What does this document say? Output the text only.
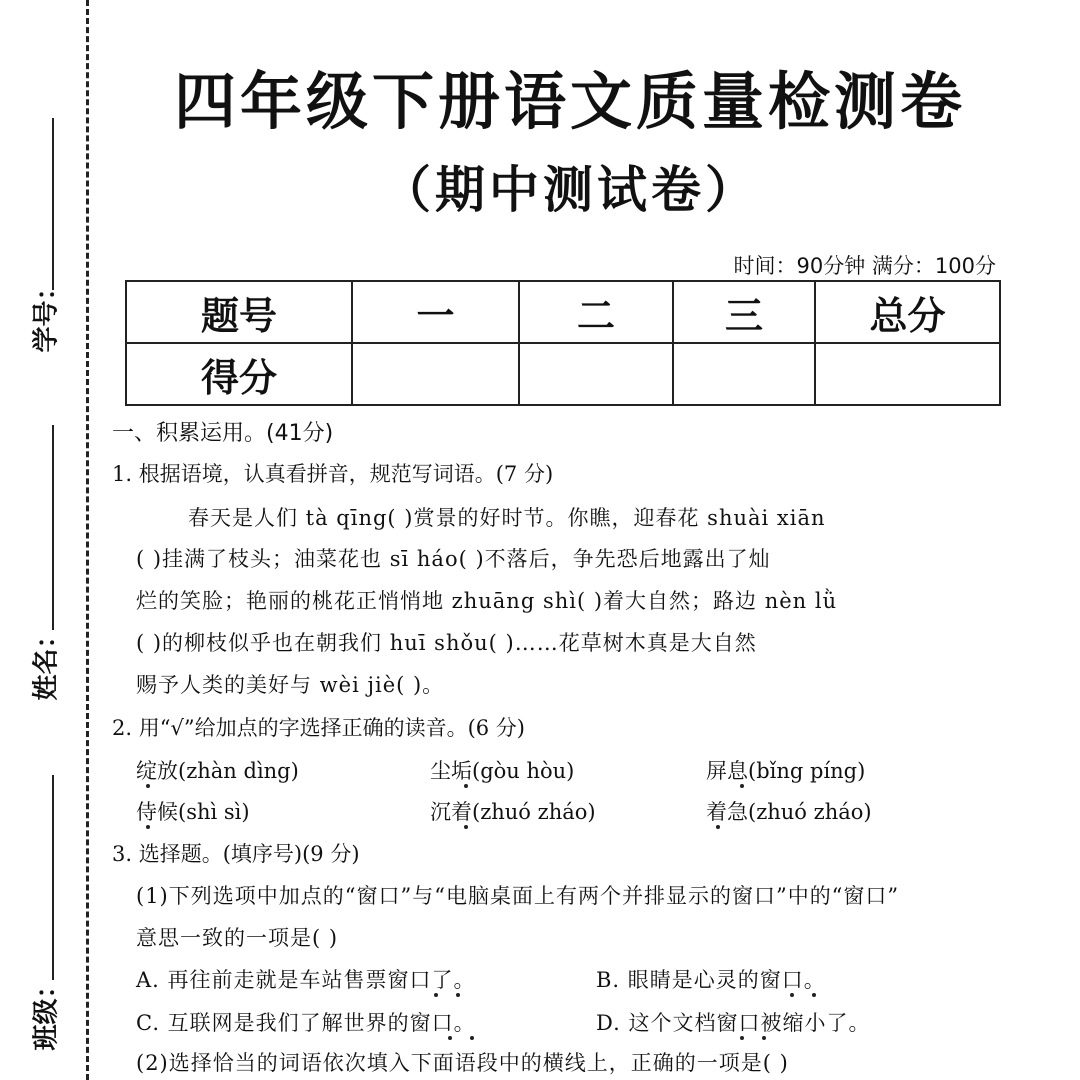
学号：
姓名：
班级：
四年级下册语文质量检测卷
（期中测试卷）
时间：90分钟 满分：100分
题号	一	二	三	总分
得分				
一、积累运用。(41分)
1. 根据语境，认真看拼音，规范写词语。(7 分)
春天是人们 tà qīng( )赏景的好时节。你瞧，迎春花 shuài xiān
( )挂满了枝头；油菜花也 sī háo( )不落后，争先恐后地露出了灿
烂的笑脸；艳丽的桃花正悄悄地 zhuāng shì( )着大自然；路边 nèn lǜ
( )的柳枝似乎也在朝我们 huī shǒu( )……花草树木真是大自然
赐予人类的美好与 wèi jiè( )。
2. 用“√”给加点的字选择正确的读音。(6 分)
绽放(zhàn dìng)	尘垢(gòu hòu)	屏息(bǐng píng)
侍候(shì sì)	沉着(zhuó zháo)	着急(zhuó zháo)
3. 选择题。(填序号)(9 分)
(1)下列选项中加点的“窗口”与“电脑桌面上有两个并排显示的窗口”中的“窗口”
意思一致的一项是( )
A. 再往前走就是车站售票窗口了。	B. 眼睛是心灵的窗口。
C. 互联网是我们了解世界的窗口。	D. 这个文档窗口被缩小了。
(2)选择恰当的词语依次填入下面语段中的横线上，正确的一项是( )
